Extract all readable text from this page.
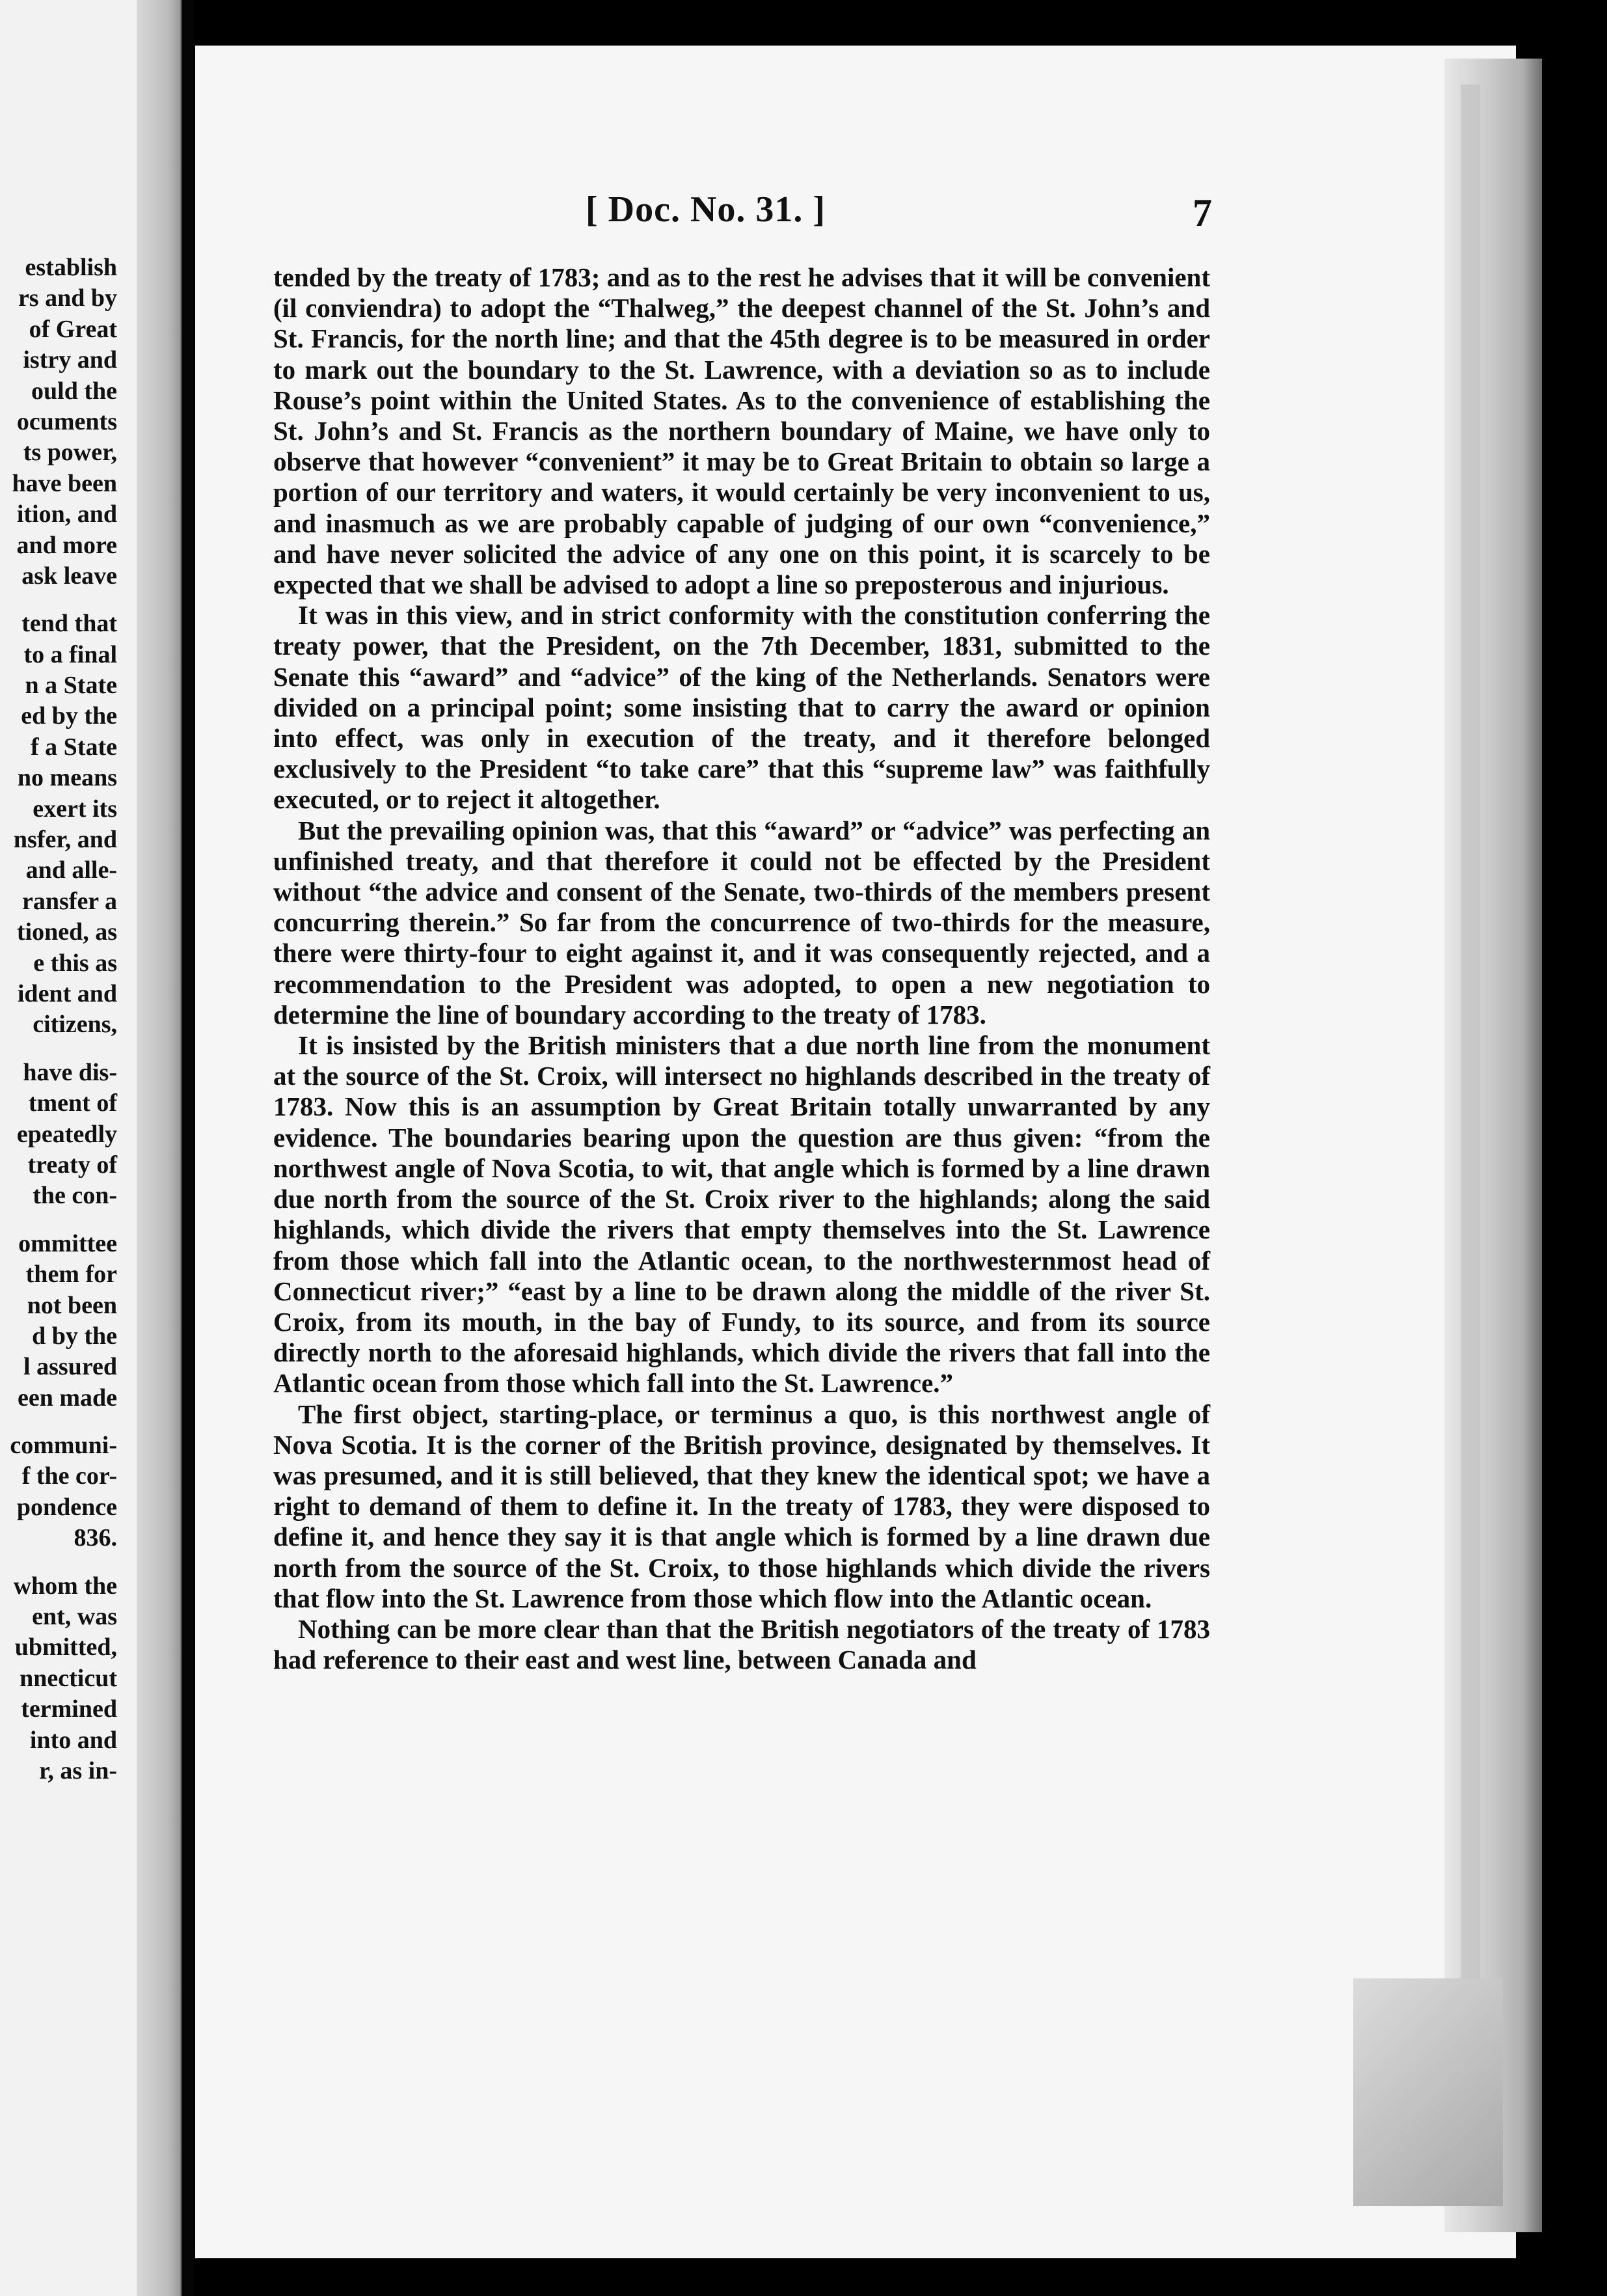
establish
rs and by
of Great
istry and
ould the
ocuments
ts power,
have been
ition, and
and more
ask leave
tend that
to a final
n a State
ed by the
f a State
no means
exert its
nsfer, and
and alle-
ransfer a
tioned, as
e this as
ident and
citizens,
have dis-
tment of
epeatedly
treaty of
the con-
ommittee
them for
not been
d by the
l assured
een made
communi-
f the cor-
pondence
836.
whom the
ent, was
ubmitted,
nnecticut
termined
into and
r, as in-
[ Doc. No. 31. ]	7

tended by the treaty of 1783; and as to the rest he advises that it will be convenient (il conviendra) to adopt the “Thalweg,” the deepest channel of the St. John’s and St. Francis, for the north line; and that the 45th degree is to be measured in order to mark out the boundary to the St. Lawrence, with a deviation so as to include Rouse’s point within the United States. As to the convenience of establishing the St. John’s and St. Francis as the northern boundary of Maine, we have only to observe that however “convenient” it may be to Great Britain to obtain so large a portion of our territory and waters, it would certainly be very inconvenient to us, and inasmuch as we are probably capable of judging of our own “convenience,” and have never solicited the advice of any one on this point, it is scarcely to be expected that we shall be advised to adopt a line so preposterous and injurious.

It was in this view, and in strict conformity with the constitution conferring the treaty power, that the President, on the 7th December, 1831, submitted to the Senate this “award” and “advice” of the king of the Netherlands. Senators were divided on a principal point; some insisting that to carry the award or opinion into effect, was only in execution of the treaty, and it therefore belonged exclusively to the President “to take care” that this “supreme law” was faithfully executed, or to reject it altogether.

But the prevailing opinion was, that this “award” or “advice” was perfecting an unfinished treaty, and that therefore it could not be effected by the President without “the advice and consent of the Senate, two-thirds of the members present concurring therein.” So far from the concurrence of two-thirds for the measure, there were thirty-four to eight against it, and it was consequently rejected, and a recommendation to the President was adopted, to open a new negotiation to determine the line of boundary according to the treaty of 1783.

It is insisted by the British ministers that a due north line from the monument at the source of the St. Croix, will intersect no highlands described in the treaty of 1783. Now this is an assumption by Great Britain totally unwarranted by any evidence. The boundaries bearing upon the question are thus given: “from the northwest angle of Nova Scotia, to wit, that angle which is formed by a line drawn due north from the source of the St. Croix river to the highlands; along the said highlands, which divide the rivers that empty themselves into the St. Lawrence from those which fall into the Atlantic ocean, to the northwesternmost head of Connecticut river;” “east by a line to be drawn along the middle of the river St. Croix, from its mouth, in the bay of Fundy, to its source, and from its source directly north to the aforesaid highlands, which divide the rivers that fall into the Atlantic ocean from those which fall into the St. Lawrence.”

The first object, starting-place, or terminus a quo, is this northwest angle of Nova Scotia. It is the corner of the British province, designated by themselves. It was presumed, and it is still believed, that they knew the identical spot; we have a right to demand of them to define it. In the treaty of 1783, they were disposed to define it, and hence they say it is that angle which is formed by a line drawn due north from the source of the St. Croix, to those highlands which divide the rivers that flow into the St. Lawrence from those which flow into the Atlantic ocean.

Nothing can be more clear than that the British negotiators of the treaty of 1783 had reference to their east and west line, between Canada and
